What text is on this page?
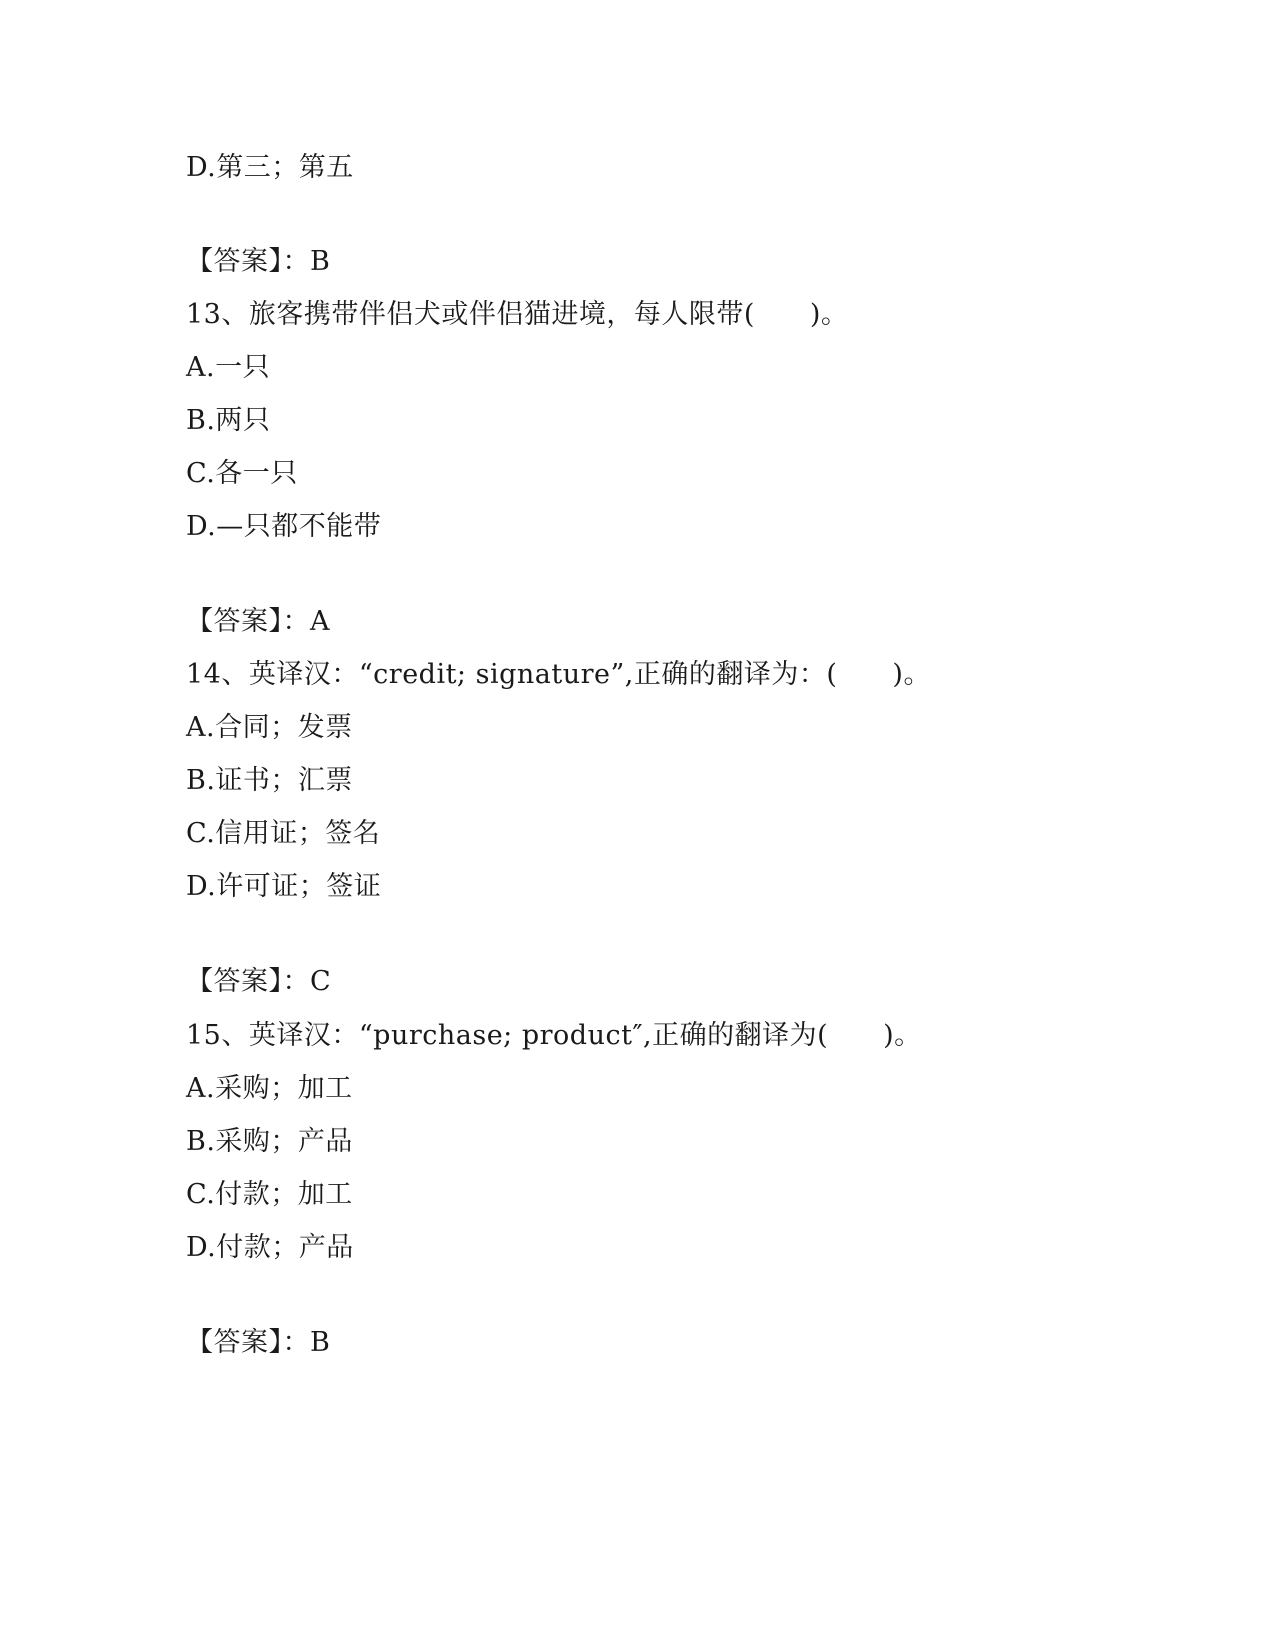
D.第三；第五
【答案】：B
13、旅客携带伴侣犬或伴侣猫进境，每人限带(　　)。
A.一只
B.两只
C.各一只
D.—只都不能带
【答案】：A
14、英译汉：“credit; signature”,正确的翻译为：(　　)。
A.合同；发票
B.证书；汇票
C.信用证；签名
D.许可证；签证
【答案】：C
15、英译汉：“purchase; product″,正确的翻译为(　　)。
A.采购；加工
B.采购；产品
C.付款；加工
D.付款；产品
【答案】：B
